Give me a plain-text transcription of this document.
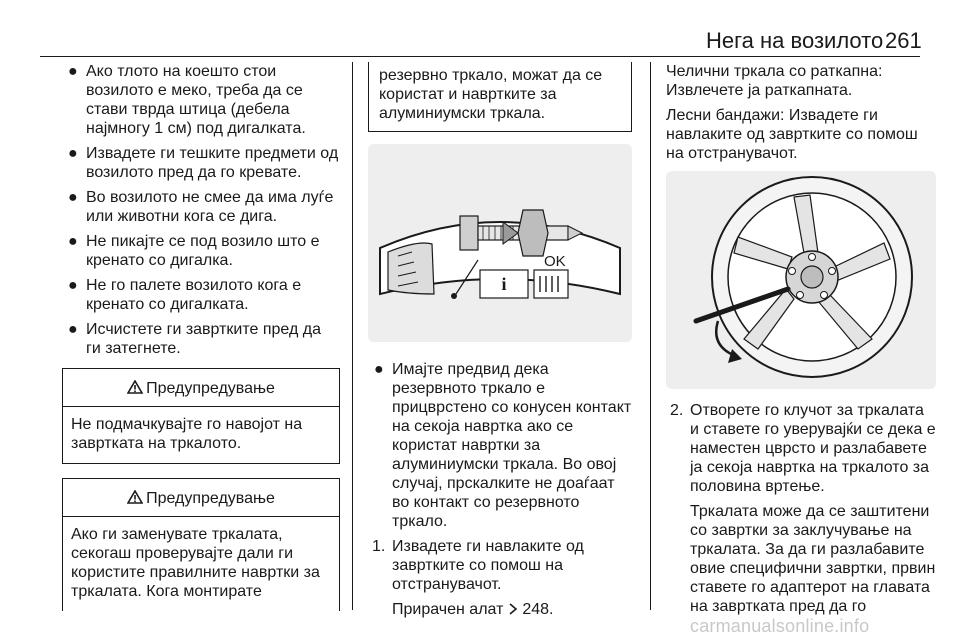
Нега на возилото 261
● Ако тлото на коешто стои возилото е меко, треба да се стави тврда штица (дебела најмногу 1 см) под дигалката.
● Извадете ги тешките предмети од возилото пред да го кревате.
● Во возилото не смее да има луѓе или животни кога се дига.
● Не пикајте се под возило што е кренато со дигалка.
● Не го палете возилото кога е кренато со дигалката.
● Исчистете ги завртките пред да ги затегнете.
Предупредување
Не подмачкувајте го навојот на завртката на тркалото.
Предупредување
Ако ги заменувате тркалата, секогаш проверувајте дали ги користите правилните навртки за тркалата. Кога монтирате
резервно тркало, можат да се користат и навртките за алуминиумски тркала.
i
OK
● Имајте предвид дека резервното тркало е прицврстено со конусен контакт на секоја навртка ако се користат навртки за алуминиумски тркала. Во овој случај, прскалките не доаѓаат во контакт со резервното тркало.
1. Извадете ги навлаките од завртките со помош на отстранувачот.
Прирачен алат 248.

Челични тркала со раткапна: Извлечете ја раткапната.

Лесни бандажи: Извадете ги навлаките од завртките со помош на отстранувачот.

2. Отворете го клучот за тркалата и ставете го уверувајќи се дека е наместен цврсто и разлабавете ја секоја навртка на тркалото за половина вртење.
Тркалата може да се заштитени со завртки за заклучување на тркалата. За да ги разлабавите овие специфични завртки, првин ставете го адаптерот на главата на завртката пред да го
carmanualsonline.info
